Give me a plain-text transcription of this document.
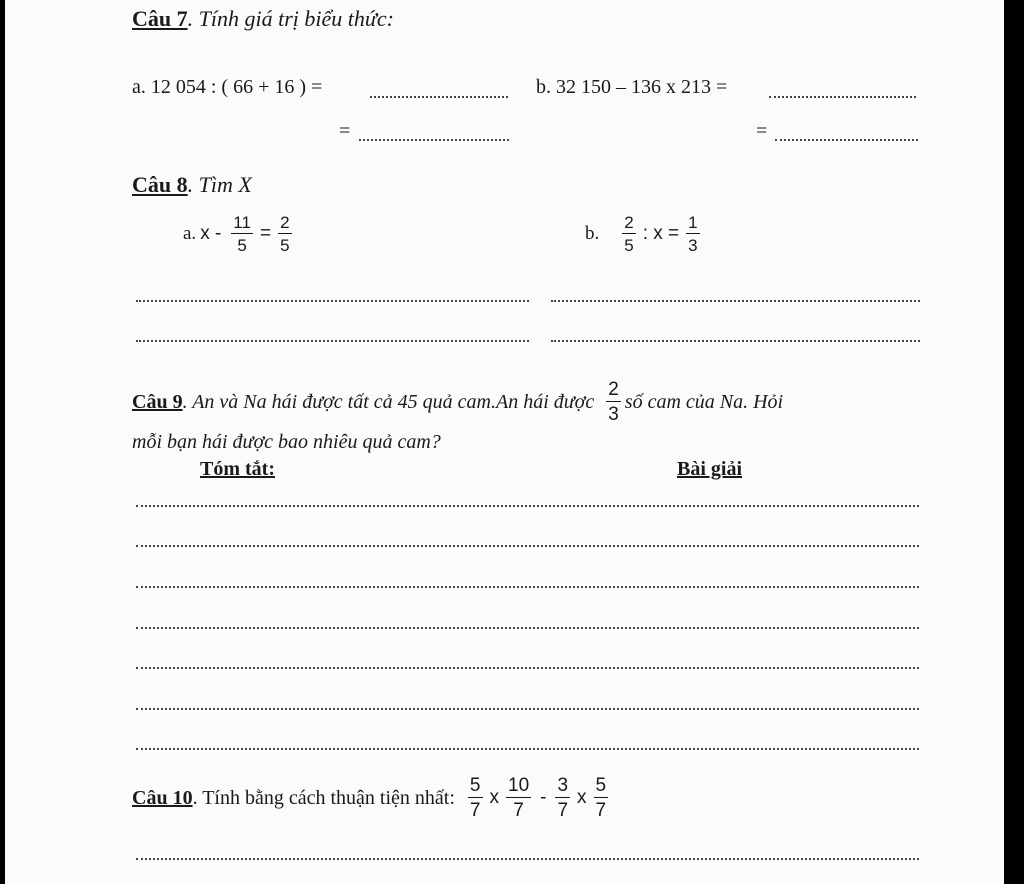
Câu 7. Tính giá trị biểu thức:
a. 12 054 : ( 66 + 16 ) =	b. 32 150 – 136 x 213 =
=	=
Câu 8. Tìm X
a. $x - \frac{11}{5} = \frac{2}{5}$	b. $\frac{2}{5}$ : $x = \frac{1}{3}$
Câu 9 . An và Na hái được tất cả 45 quả cam.An hái được $\frac{2}{3}$ số cam của Na. Hỏi
mỗi bạn hái được bao nhiêu quả cam?
Tóm tắt:	Bài giải
Câu 10 . Tính bằng cách thuận tiện nhất: $\frac{5}{7}$ x $\frac{10}{7} - \frac{3}{7}$ x $\frac{5}{7}$
